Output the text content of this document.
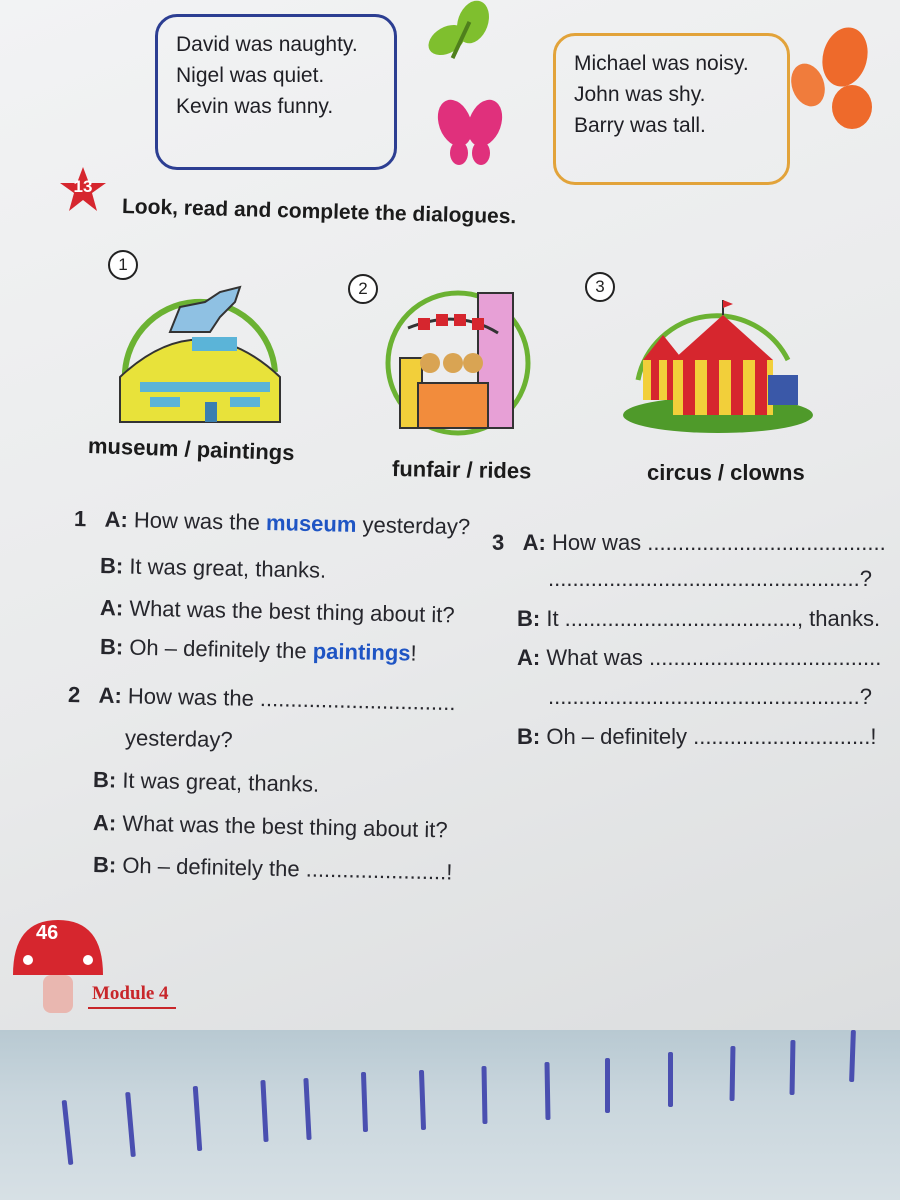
David was naughty.
Nigel was quiet.
Kevin was funny.
Michael was noisy.
John was shy.
Barry was tall.
13
Look, read and complete the dialogues.
1
museum / paintings
2
funfair / rides
3
circus / clowns
1 A: How was the museum yesterday?
B: It was great, thanks.
A: What was the best thing about it?
B: Oh – definitely the paintings!
2 A: How was the ................................
yesterday?
B: It was great, thanks.
A: What was the best thing about it?
B: Oh – definitely the .......................!
3 A: How was .......................................
...................................................?
B: It ......................................, thanks.
A: What was ......................................
...................................................?
B: Oh – definitely .............................!
46
Module 4
